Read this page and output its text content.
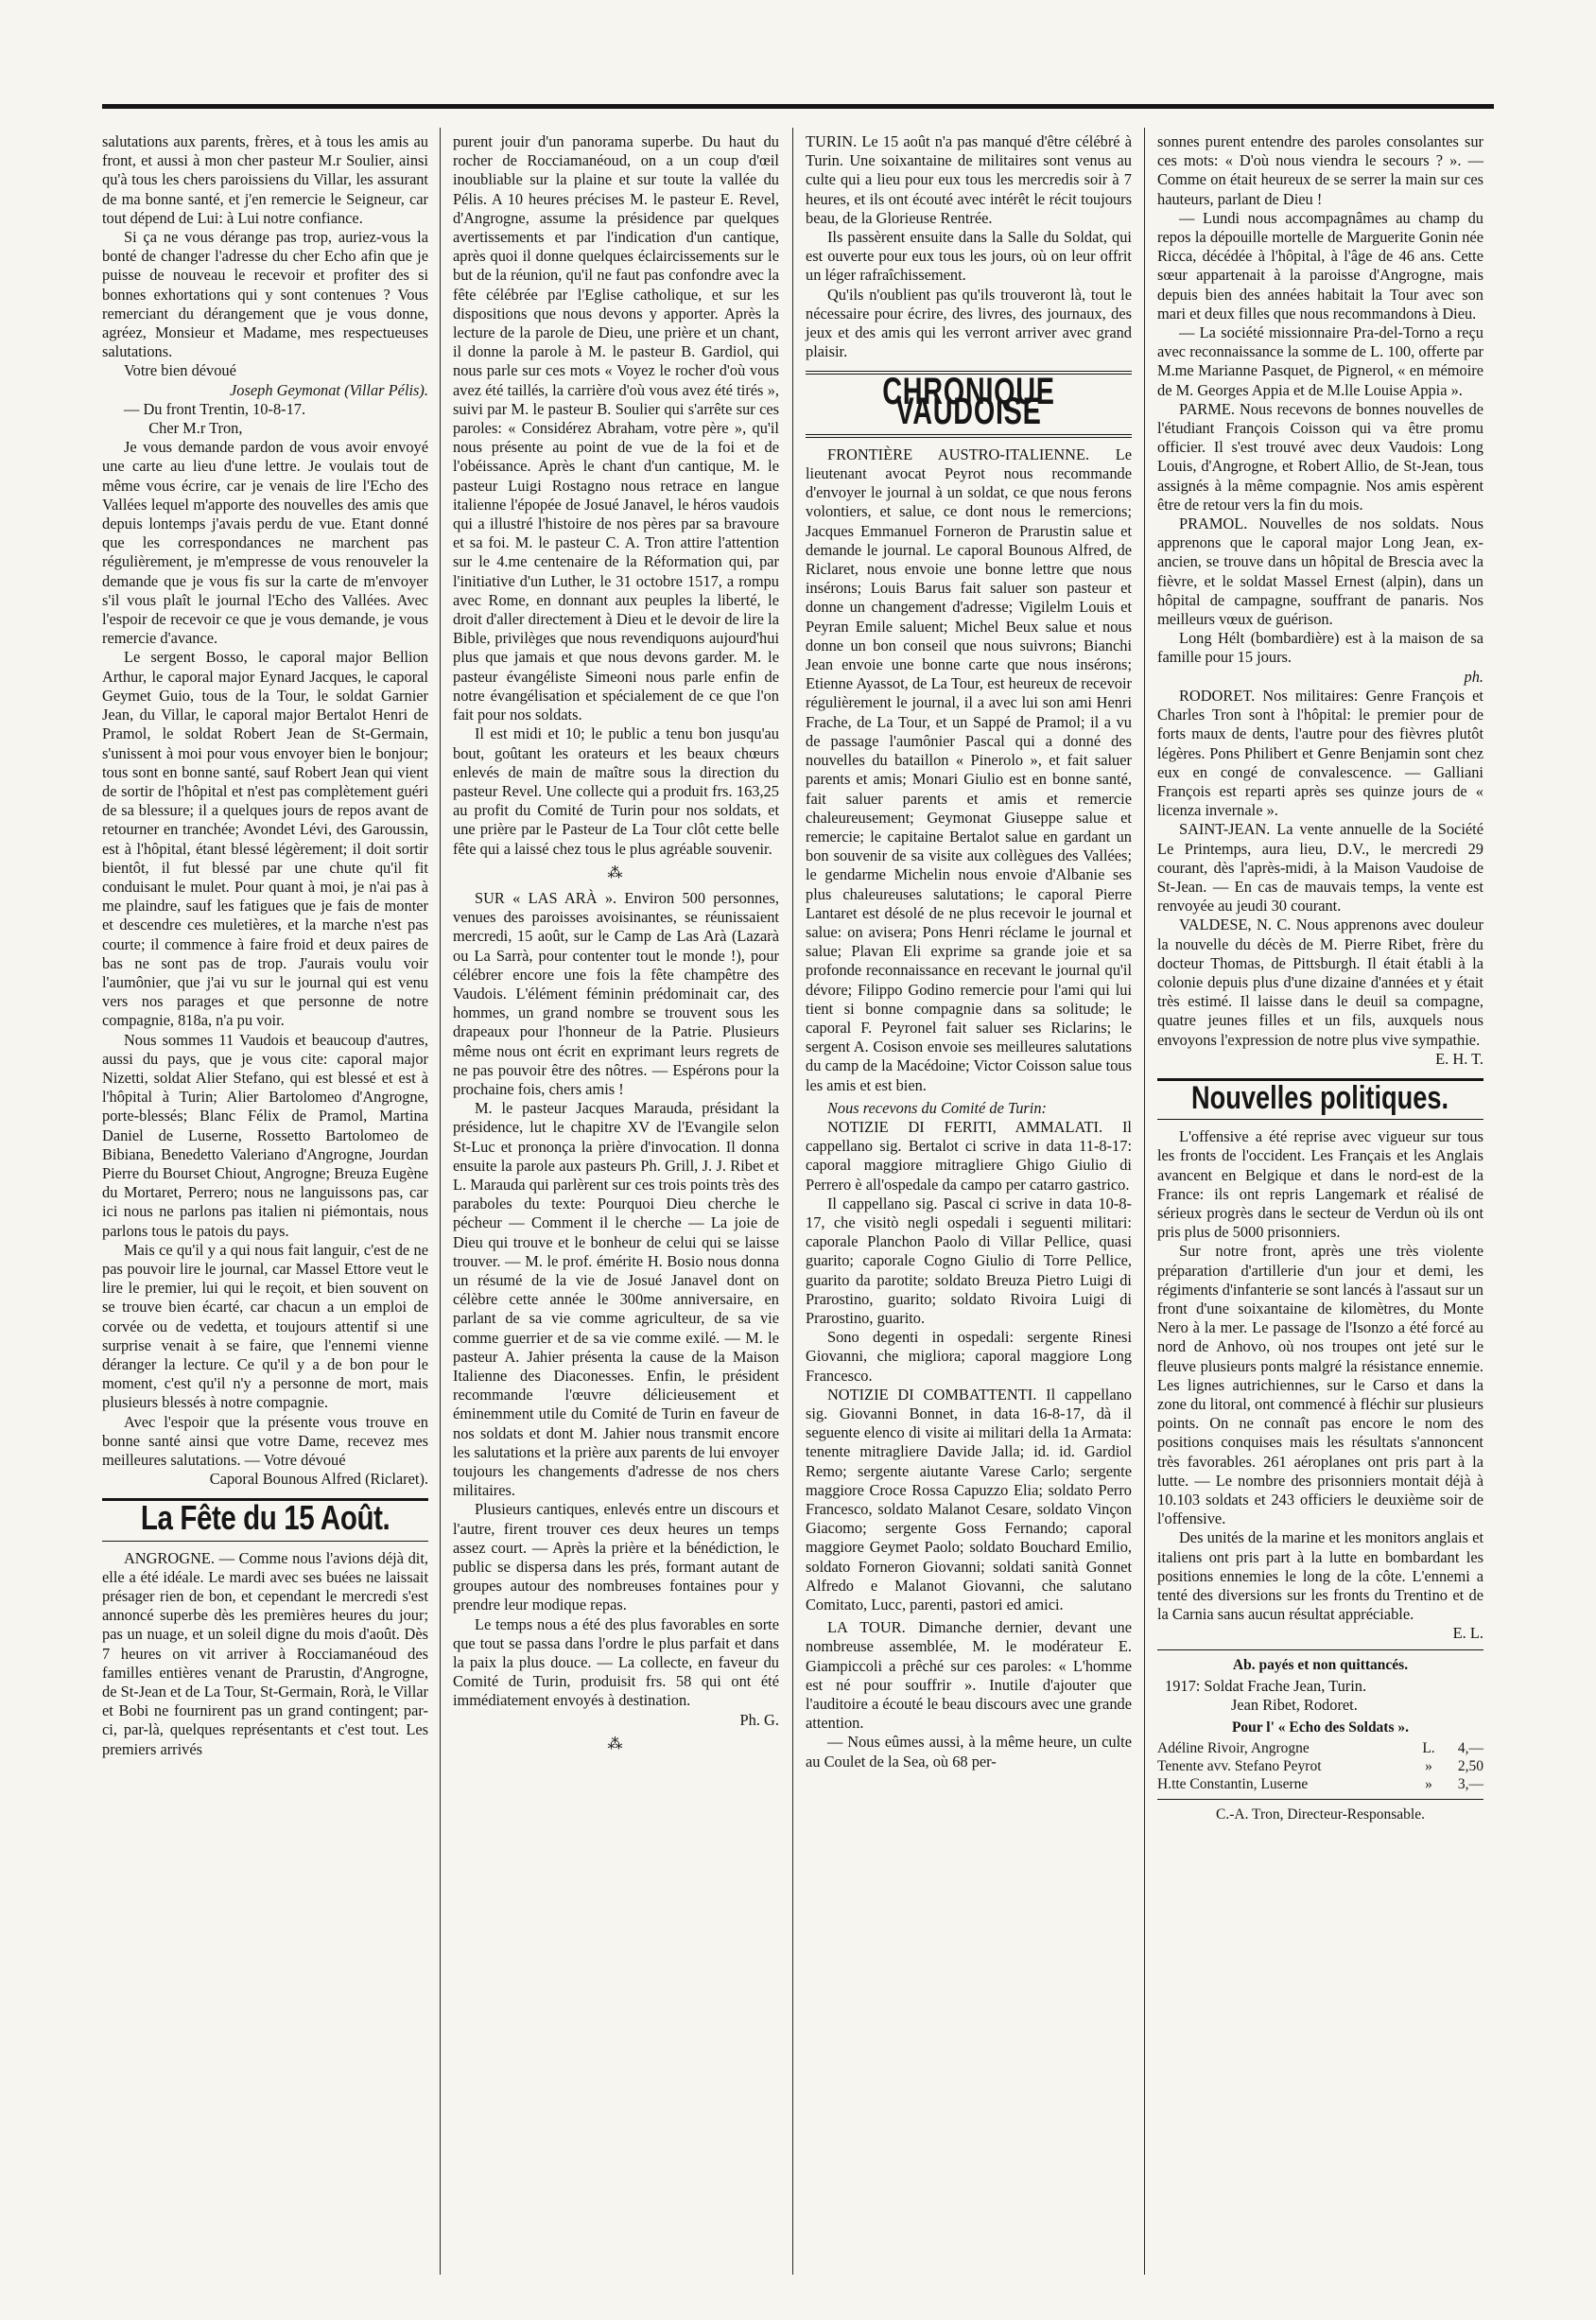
salutations aux parents, frères, et à tous les amis au front, et aussi à mon cher pasteur M.r Soulier, ainsi qu'à tous les chers paroissiens du Villar, les assurant de ma bonne santé, et j'en remercie le Seigneur, car tout dépend de Lui: à Lui notre confiance.

Si ça ne vous dérange pas trop, auriez-vous la bonté de changer l'adresse du cher Echo afin que je puisse de nouveau le recevoir et profiter des si bonnes exhortations qui y sont contenues ? Vous remerciant du dérangement que je vous donne, agréez, Monsieur et Madame, mes respectueuses salutations.

Votre bien dévoué

Joseph Geymonat (Villar Pélis).

— Du front Trentin, 10-8-17.

Cher M.r Tron,

Je vous demande pardon de vous avoir envoyé une carte au lieu d'une lettre. Je voulais tout de même vous écrire, car je venais de lire l'Echo des Vallées lequel m'apporte des nouvelles des amis que depuis lontemps j'avais perdu de vue. Etant donné que les correspondances ne marchent pas régulièrement, je m'empresse de vous renouveler la demande que je vous fis sur la carte de m'envoyer s'il vous plaît le journal l'Echo des Vallées. Avec l'espoir de recevoir ce que je vous demande, je vous remercie d'avance.

Le sergent Bosso, le caporal major Bellion Arthur, le caporal major Eynard Jacques, le caporal Geymet Guio, tous de la Tour, le soldat Garnier Jean, du Villar, le caporal major Bertalot Henri de Pramol, le soldat Robert Jean de St-Germain, s'unissent à moi pour vous envoyer bien le bonjour; tous sont en bonne santé, sauf Robert Jean qui vient de sortir de l'hôpital et n'est pas complètement guéri de sa blessure; il a quelques jours de repos avant de retourner en tranchée; Avondet Lévi, des Garoussin, est à l'hôpital, étant blessé légèrement; il doit sortir bientôt, il fut blessé par une chute qu'il fit conduisant le mulet. Pour quant à moi, je n'ai pas à me plaindre, sauf les fatigues que je fais de monter et descendre ces muletières, et la marche n'est pas courte; il commence à faire froid et deux paires de bas ne sont pas de trop. J'aurais voulu voir l'aumônier, que j'ai vu sur le journal qui est venu vers nos parages et que personne de notre compagnie, 818a, n'a pu voir.

Nous sommes 11 Vaudois et beaucoup d'autres, aussi du pays, que je vous cite: caporal major Nizetti, soldat Alier Stefano, qui est blessé et est à l'hôpital à Turin; Alier Bartolomeo d'Angrogne, porte-blessés; Blanc Félix de Pramol, Martina Daniel de Luserne, Rossetto Bartolomeo de Bibiana, Benedetto Valeriano d'Angrogne, Jourdan Pierre du Bourset Chiout, Angrogne; Breuza Eugène du Mortaret, Perrero; nous ne languissons pas, car ici nous ne parlons pas italien ni piémontais, nous parlons tous le patois du pays.

Mais ce qu'il y a qui nous fait languir, c'est de ne pas pouvoir lire le journal, car Massel Ettore veut le lire le premier, lui qui le reçoit, et bien souvent on se trouve bien écarté, car chacun a un emploi de corvée ou de vedetta, et toujours attentif si une surprise venait à se faire, que l'ennemi vienne déranger la lecture. Ce qu'il y a de bon pour le moment, c'est qu'il n'y a personne de mort, mais plusieurs blessés à notre compagnie.

Avec l'espoir que la présente vous trouve en bonne santé ainsi que votre Dame, recevez mes meilleures salutations. — Votre dévoué

Caporal Bounous Alfred (Riclaret).

La Fête du 15 Août.

ANGROGNE. — Comme nous l'avions déjà dit, elle a été idéale. Le mardi avec ses buées ne laissait présager rien de bon, et cependant le mercredi s'est annoncé superbe dès les premières heures du jour; pas un nuage, et un soleil digne du mois d'août. Dès 7 heures on vit arriver à Rocciamanéoud des familles entières venant de Prarustin, d'Angrogne, de St-Jean et de La Tour, St-Germain, Rorà, le Villar et Bobi ne fournirent pas un grand contingent; par-ci, par-là, quelques représentants et c'est tout. Les premiers arrivés

purent jouir d'un panorama superbe. Du haut du rocher de Rocciamanéoud, on a un coup d'œil inoubliable sur la plaine et sur toute la vallée du Pélis. A 10 heures précises M. le pasteur E. Revel, d'Angrogne, assume la présidence par quelques avertissements et par l'indication d'un cantique, après quoi il donne quelques éclaircissements sur le but de la réunion, qu'il ne faut pas confondre avec la fête célébrée par l'Eglise catholique, et sur les dispositions que nous devons y apporter. Après la lecture de la parole de Dieu, une prière et un chant, il donne la parole à M. le pasteur B. Gardiol, qui nous parle sur ces mots « Voyez le rocher d'où vous avez été taillés, la carrière d'où vous avez été tirés », suivi par M. le pasteur B. Soulier qui s'arrête sur ces paroles: « Considérez Abraham, votre père », qu'il nous présente au point de vue de la foi et de l'obéissance. Après le chant d'un cantique, M. le pasteur Luigi Rostagno nous retrace en langue italienne l'épopée de Josué Janavel, le héros vaudois qui a illustré l'histoire de nos pères par sa bravoure et sa foi. M. le pasteur C. A. Tron attire l'attention sur le 4.me centenaire de la Réformation qui, par l'initiative d'un Luther, le 31 octobre 1517, a rompu avec Rome, en donnant aux peuples la liberté, le droit d'aller directement à Dieu et le devoir de lire la Bible, privilèges que nous revendiquons aujourd'hui plus que jamais et que nous devons garder. M. le pasteur évangéliste Simeoni nous parle enfin de notre évangélisation et spécialement de ce que l'on fait pour nos soldats.

Il est midi et 10; le public a tenu bon jusqu'au bout, goûtant les orateurs et les beaux chœurs enlevés de main de maître sous la direction du pasteur Revel. Une collecte qui a produit frs. 163,25 au profit du Comité de Turin pour nos soldats, et une prière par le Pasteur de La Tour clôt cette belle fête qui a laissé chez tous le plus agréable souvenir.

⁂

SUR « LAS ARÀ ». Environ 500 personnes, venues des paroisses avoisinantes, se réunissaient mercredi, 15 août, sur le Camp de Las Arà (Lazarà ou La Sarrà, pour contenter tout le monde !), pour célébrer encore une fois la fête champêtre des Vaudois. L'élément féminin prédominait car, des hommes, un grand nombre se trouvent sous les drapeaux pour l'honneur de la Patrie. Plusieurs même nous ont écrit en exprimant leurs regrets de ne pas pouvoir être des nôtres. — Espérons pour la prochaine fois, chers amis !

M. le pasteur Jacques Marauda, présidant la présidence, lut le chapitre XV de l'Evangile selon St-Luc et prononça la prière d'invocation. Il donna ensuite la parole aux pasteurs Ph. Grill, J. J. Ribet et L. Marauda qui parlèrent sur ces trois points très des paraboles du texte: Pourquoi Dieu cherche le pécheur — Comment il le cherche — La joie de Dieu qui trouve et le bonheur de celui qui se laisse trouver. — M. le prof. émérite H. Bosio nous donna un résumé de la vie de Josué Janavel dont on célèbre cette année le 300me anniversaire, en parlant de sa vie comme agriculteur, de sa vie comme guerrier et de sa vie comme exilé. — M. le pasteur A. Jahier présenta la cause de la Maison Italienne des Diaconesses. Enfin, le président recommande l'œuvre délicieusement et éminemment utile du Comité de Turin en faveur de nos soldats et dont M. Jahier nous transmit encore les salutations et la prière aux parents de lui envoyer toujours les changements d'adresse de nos chers militaires.

Plusieurs cantiques, enlevés entre un discours et l'autre, firent trouver ces deux heures un temps assez court. — Après la prière et la bénédiction, le public se dispersa dans les prés, formant autant de groupes autour des nombreuses fontaines pour y prendre leur modique repas.

Le temps nous a été des plus favorables en sorte que tout se passa dans l'ordre le plus parfait et dans la paix la plus douce. — La collecte, en faveur du Comité de Turin, produisit frs. 58 qui ont été immédiatement envoyés à destination.

Ph. G.

⁂

TURIN. Le 15 août n'a pas manqué d'être célébré à Turin. Une soixantaine de militaires sont venus au culte qui a lieu pour eux tous les mercredis soir à 7 heures, et ils ont écouté avec intérêt le récit toujours beau, de la Glorieuse Rentrée.

Ils passèrent ensuite dans la Salle du Soldat, qui est ouverte pour eux tous les jours, où on leur offrit un léger rafraîchissement.

Qu'ils n'oublient pas qu'ils trouveront là, tout le nécessaire pour écrire, des livres, des journaux, des jeux et des amis qui les verront arriver avec grand plaisir.

CHRONIQUE VAUDOISE

FRONTIÈRE AUSTRO-ITALIENNE. Le lieutenant avocat Peyrot nous recommande d'envoyer le journal à un soldat, ce que nous ferons volontiers, et salue, ce dont nous le remercions; Jacques Emmanuel Forneron de Prarustin salue et demande le journal. Le caporal Bounous Alfred, de Riclaret, nous envoie une bonne lettre que nous insérons; Louis Barus fait saluer son pasteur et donne un changement d'adresse; Vigilelm Louis et Peyran Emile saluent; Michel Beux salue et nous donne un bon conseil que nous suivrons; Bianchi Jean envoie une bonne carte que nous insérons; Etienne Ayassot, de La Tour, est heureux de recevoir régulièrement le journal, il a avec lui son ami Henri Frache, de La Tour, et un Sappé de Pramol; il a vu de passage l'aumônier Pascal qui a donné des nouvelles du bataillon « Pinerolo », et fait saluer parents et amis; Monari Giulio est en bonne santé, fait saluer parents et amis et remercie chaleureusement; Geymonat Giuseppe salue et remercie; le capitaine Bertalot salue en gardant un bon souvenir de sa visite aux collègues des Vallées; le gendarme Michelin nous envoie d'Albanie ses plus chaleureuses salutations; le caporal Pierre Lantaret est désolé de ne plus recevoir le journal et salue: on avisera; Pons Henri réclame le journal et salue; Plavan Eli exprime sa grande joie et sa profonde reconnaissance en recevant le journal qu'il dévore; Filippo Godino remercie pour l'ami qui lui tient si bonne compagnie dans sa solitude; le caporal F. Peyronel fait saluer ses Riclarins; le sergent A. Cosison envoie ses meilleures salutations du camp de la Macédoine; Victor Coisson salue tous les amis et est bien.

Nous recevons du Comité de Turin:

NOTIZIE DI FERITI, AMMALATI. Il cappellano sig. Bertalot ci scrive in data 11-8-17: caporal maggiore mitragliere Ghigo Giulio di Perrero è all'ospedale da campo per catarro gastrico.

Il cappellano sig. Pascal ci scrive in data 10-8-17, che visitò negli ospedali i seguenti militari: caporale Planchon Paolo di Villar Pellice, quasi guarito; caporale Cogno Giulio di Torre Pellice, guarito da parotite; soldato Breuza Pietro Luigi di Prarostino, guarito; soldato Rivoira Luigi di Prarostino, guarito.

Sono degenti in ospedali: sergente Rinesi Giovanni, che migliora; caporal maggiore Long Francesco.

NOTIZIE DI COMBATTENTI. Il cappellano sig. Giovanni Bonnet, in data 16-8-17, dà il seguente elenco di visite ai militari della 1a Armata: tenente mitragliere Davide Jalla; id. id. Gardiol Remo; sergente aiutante Varese Carlo; sergente maggiore Croce Rossa Capuzzo Elia; soldato Perro Francesco, soldato Malanot Cesare, soldato Vinçon Giacomo; sergente Goss Fernando; caporal maggiore Geymet Paolo; soldato Bouchard Emilio, soldato Forneron Giovanni; soldati sanità Gonnet Alfredo e Malanot Giovanni, che salutano Comitato, Lucc, parenti, pastori ed amici.

LA TOUR. Dimanche dernier, devant une nombreuse assemblée, M. le modérateur E. Giampiccoli a prêché sur ces paroles: « L'homme est né pour souffrir ». Inutile d'ajouter que l'auditoire a écouté le beau discours avec une grande attention.

— Nous eûmes aussi, à la même heure, un culte au Coulet de la Sea, où 68 per-

sonnes purent entendre des paroles consolantes sur ces mots: « D'où nous viendra le secours ? ». — Comme on était heureux de se serrer la main sur ces hauteurs, parlant de Dieu !

— Lundi nous accompagnâmes au champ du repos la dépouille mortelle de Marguerite Gonin née Ricca, décédée à l'hôpital, à l'âge de 46 ans. Cette sœur appartenait à la paroisse d'Angrogne, mais depuis bien des années habitait la Tour avec son mari et deux filles que nous recommandons à Dieu.

— La société missionnaire Pra-del-Torno a reçu avec reconnaissance la somme de L. 100, offerte par M.me Marianne Pasquet, de Pignerol, « en mémoire de M. Georges Appia et de M.lle Louise Appia ».

PARME. Nous recevons de bonnes nouvelles de l'étudiant François Coisson qui va être promu officier. Il s'est trouvé avec deux Vaudois: Long Louis, d'Angrogne, et Robert Allio, de St-Jean, tous assignés à la même compagnie. Nos amis espèrent être de retour vers la fin du mois.

PRAMOL. Nouvelles de nos soldats. Nous apprenons que le caporal major Long Jean, ex-ancien, se trouve dans un hôpital de Brescia avec la fièvre, et le soldat Massel Ernest (alpin), dans un hôpital de campagne, souffrant de panaris. Nos meilleurs vœux de guérison.

Long Hélt (bombardière) est à la maison de sa famille pour 15 jours.

ph.

RODORET. Nos militaires: Genre François et Charles Tron sont à l'hôpital: le premier pour de forts maux de dents, l'autre pour des fièvres plutôt légères. Pons Philibert et Genre Benjamin sont chez eux en congé de convalescence. — Galliani François est reparti après ses quinze jours de « licenza invernale ».

SAINT-JEAN. La vente annuelle de la Société Le Printemps, aura lieu, D.V., le mercredi 29 courant, dès l'après-midi, à la Maison Vaudoise de St-Jean. — En cas de mauvais temps, la vente est renvoyée au jeudi 30 courant.

VALDESE, N. C. Nous apprenons avec douleur la nouvelle du décès de M. Pierre Ribet, frère du docteur Thomas, de Pittsburgh. Il était établi à la colonie depuis plus d'une dizaine d'années et y était très estimé. Il laisse dans le deuil sa compagne, quatre jeunes filles et un fils, auxquels nous envoyons l'expression de notre plus vive sympathie.

E. H. T.

Nouvelles politiques.

L'offensive a été reprise avec vigueur sur tous les fronts de l'occident. Les Français et les Anglais avancent en Belgique et dans le nord-est de la France: ils ont repris Langemark et réalisé de sérieux progrès dans le secteur de Verdun où ils ont pris plus de 5000 prisonniers.

Sur notre front, après une très violente préparation d'artillerie d'un jour et demi, les régiments d'infanterie se sont lancés à l'assaut sur un front d'une soixantaine de kilomètres, du Monte Nero à la mer. Le passage de l'Isonzo a été forcé au nord de Anhovo, où nos troupes ont jeté sur le fleuve plusieurs ponts malgré la résistance ennemie. Les lignes autrichiennes, sur le Carso et dans la zone du litoral, ont commencé à fléchir sur plusieurs points. On ne connaît pas encore le nom des positions conquises mais les résultats s'annoncent très favorables. 261 aéroplanes ont pris part à la lutte. — Le nombre des prisonniers montait déjà à 10.103 soldats et 243 officiers le deuxième soir de l'offensive.

Des unités de la marine et les monitors anglais et italiens ont pris part à la lutte en bombardant les positions ennemies le long de la côte. L'ennemi a tenté des diversions sur les fronts du Trentino et de la Carnia sans aucun résultat appréciable.

E. L.

Ab. payés et non quittancés.

1917: Soldat Frache Jean, Turin.

Jean Ribet, Rodoret.

Pour l' « Echo des Soldats ».
Adéline Rivoir, Angrogne	L.	4,—
Tenente avv. Stefano Peyrot	»	2,50
H.tte Constantin, Luserne	»	3,—
C.-A. Tron, Directeur-Responsable.
